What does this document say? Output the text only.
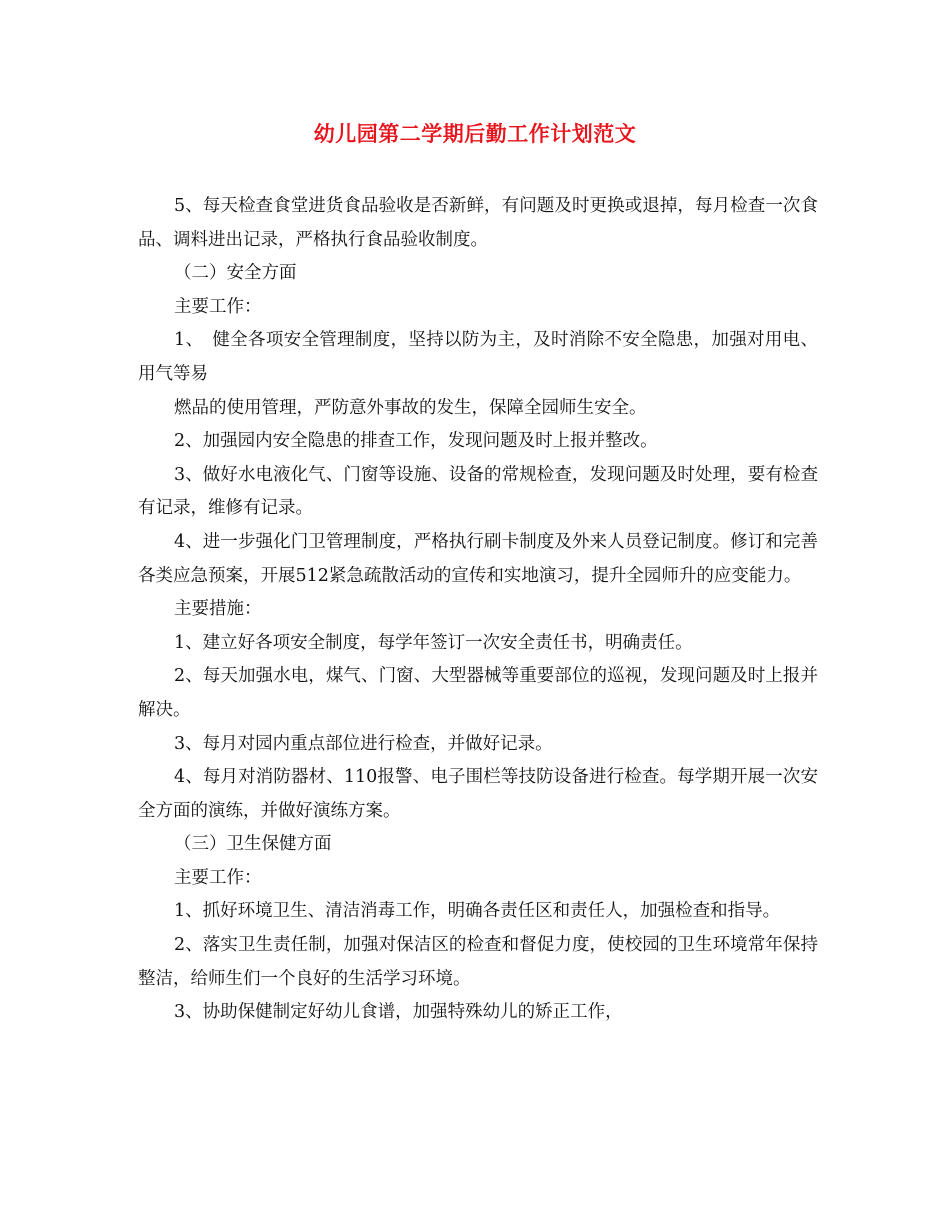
幼儿园第二学期后勤工作计划范文

5、每天检查食堂进货食品验收是否新鲜，有问题及时更换或退掉，每月检查一次食品、调料进出记录，严格执行食品验收制度。

（二）安全方面

主要工作：

1、　健全各项安全管理制度，坚持以防为主，及时消除不安全隐患，加强对用电、用气等易

燃品的使用管理，严防意外事故的发生，保障全园师生安全。

2、加强园内安全隐患的排查工作，发现问题及时上报并整改。

3、做好水电液化气、门窗等设施、设备的常规检查，发现问题及时处理，要有检查有记录，维修有记录。

4、进一步强化门卫管理制度，严格执行刷卡制度及外来人员登记制度。修订和完善各类应急预案，开展512紧急疏散活动的宣传和实地演习，提升全园师升的应变能力。

主要措施：

1、建立好各项安全制度，每学年签订一次安全责任书，明确责任。

2、每天加强水电，煤气、门窗、大型器械等重要部位的巡视，发现问题及时上报并解决。

3、每月对园内重点部位进行检查，并做好记录。

4、每月对消防器材、110报警、电子围栏等技防设备进行检查。每学期开展一次安全方面的演练，并做好演练方案。

（三）卫生保健方面

主要工作：

1、抓好环境卫生、清洁消毒工作，明确各责任区和责任人，加强检查和指导。

2、落实卫生责任制，加强对保洁区的检查和督促力度，使校园的卫生环境常年保持整洁，给师生们一个良好的生活学习环境。

3、协助保健制定好幼儿食谱，加强特殊幼儿的矫正工作，
